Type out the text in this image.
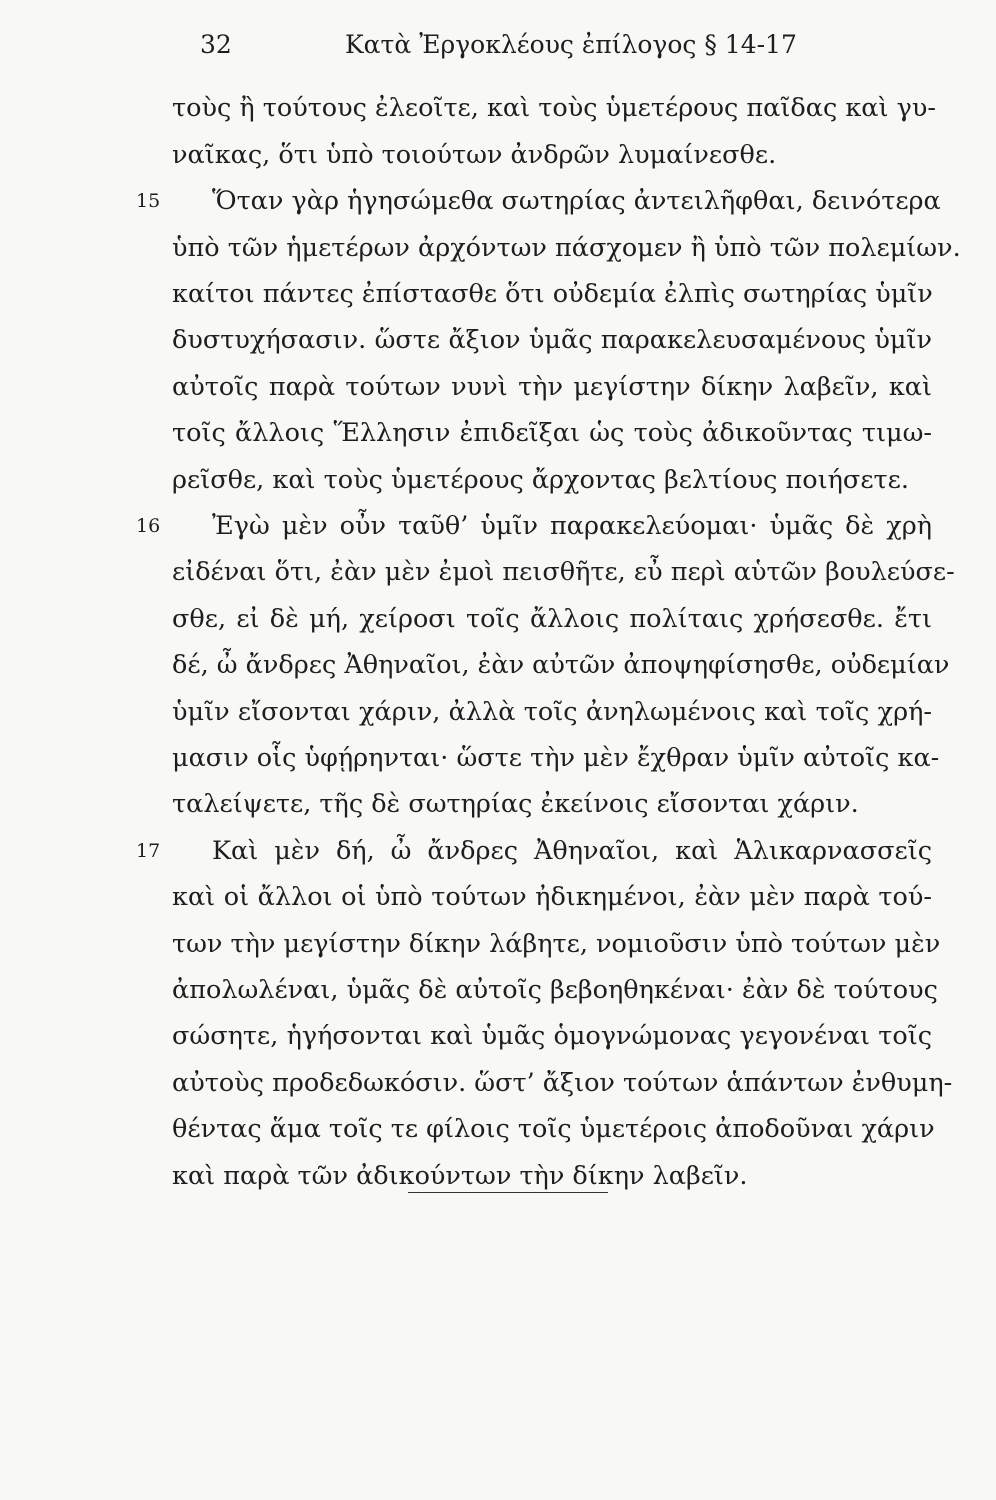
32	Κατὰ Ἐργοκλέους ἐπίλογος § 14-17
τοὺς ἢ τούτους ἐλεοῖτε, καὶ τοὺς ὑμετέρους παῖδας καὶ γυ-
ναῖκας, ὅτι ὑπὸ τοιούτων ἀνδρῶν λυμαίνεσθε.
15 Ὅταν γὰρ ἡγησώμεθα σωτηρίας ἀντειλῆφθαι, δεινότερα
ὑπὸ τῶν ἡμετέρων ἀρχόντων πάσχομεν ἢ ὑπὸ τῶν πολεμίων.
καίτοι πάντες ἐπίστασθε ὅτι οὐδεμία ἐλπὶς σωτηρίας ὑμῖν
δυστυχήσασιν. ὥστε ἄξιον ὑμᾶς παρακελευσαμένους ὑμῖν
αὐτοῖς παρὰ τούτων νυνὶ τὴν μεγίστην δίκην λαβεῖν, καὶ
τοῖς ἄλλοις Ἕλλησιν ἐπιδεῖξαι ὡς τοὺς ἀδικοῦντας τιμω-
ρεῖσθε, καὶ τοὺς ὑμετέρους ἄρχοντας βελτίους ποιήσετε.
16 Ἐγὼ μὲν οὖν ταῦθ’ ὑμῖν παρακελεύομαι· ὑμᾶς δὲ χρὴ
εἰδέναι ὅτι, ἐὰν μὲν ἐμοὶ πεισθῆτε, εὖ περὶ αὑτῶν βουλεύσε-
σθε, εἰ δὲ μή, χείροσι τοῖς ἄλλοις πολίταις χρήσεσθε. ἔτι
δέ, ὦ ἄνδρες Ἀθηναῖοι, ἐὰν αὐτῶν ἀποψηφίσησθε, οὐδεμίαν
ὑμῖν εἴσονται χάριν, ἀλλὰ τοῖς ἀνηλωμένοις καὶ τοῖς χρή-
μασιν οἷς ὑφῄρηνται· ὥστε τὴν μὲν ἔχθραν ὑμῖν αὐτοῖς κα-
ταλείψετε, τῆς δὲ σωτηρίας ἐκείνοις εἴσονται χάριν.
17 Καὶ μὲν δή, ὦ ἄνδρες Ἀθηναῖοι, καὶ Ἁλικαρνασσεῖς
καὶ οἱ ἄλλοι οἱ ὑπὸ τούτων ἠδικημένοι, ἐὰν μὲν παρὰ τού-
των τὴν μεγίστην δίκην λάβητε, νομιοῦσιν ὑπὸ τούτων μὲν
ἀπολωλέναι, ὑμᾶς δὲ αὐτοῖς βεβοηθηκέναι· ἐὰν δὲ τούτους
σώσητε, ἡγήσονται καὶ ὑμᾶς ὁμογνώμονας γεγονέναι τοῖς
αὐτοὺς προδεδωκόσιν. ὥστ’ ἄξιον τούτων ἁπάντων ἐνθυμη-
θέντας ἅμα τοῖς τε φίλοις τοῖς ὑμετέροις ἀποδοῦναι χάριν
καὶ παρὰ τῶν ἀδικούντων τὴν δίκην λαβεῖν.
